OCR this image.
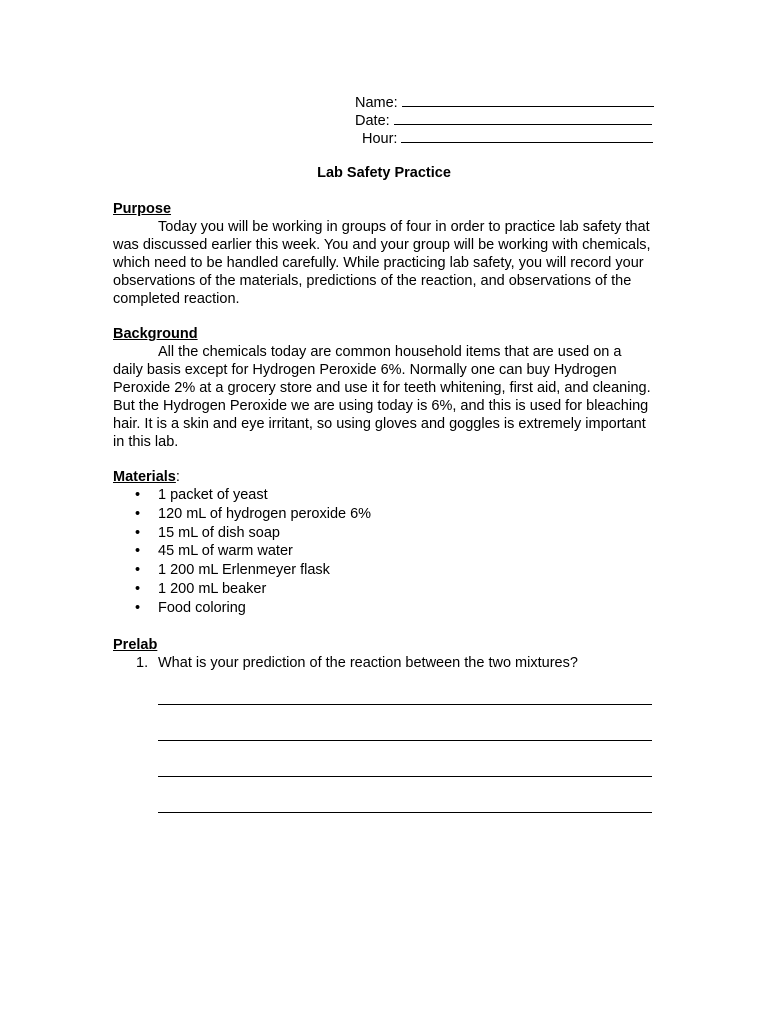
Name:
Date:
Hour:
Lab Safety Practice
Purpose

Today you will be working in groups of four in order to practice lab safety that was discussed earlier this week. You and your group will be working with chemicals, which need to be handled carefully. While practicing lab safety, you will record your observations of the materials, predictions of the reaction, and observations of the completed reaction.

Background

All the chemicals today are common household items that are used on a daily basis except for Hydrogen Peroxide 6%. Normally one can buy Hydrogen Peroxide 2% at a grocery store and use it for teeth whitening, first aid, and cleaning. But the Hydrogen Peroxide we are using today is 6%, and this is used for bleaching hair. It is a skin and eye irritant, so using gloves and goggles is extremely important in this lab.

Materials:
• 1 packet of yeast
• 120 mL of hydrogen peroxide 6%
• 15 mL of dish soap
• 45 mL of warm water
• 1 200 mL Erlenmeyer flask
• 1 200 mL beaker
• Food coloring
Prelab
1. What is your prediction of the reaction between the two mixtures?
